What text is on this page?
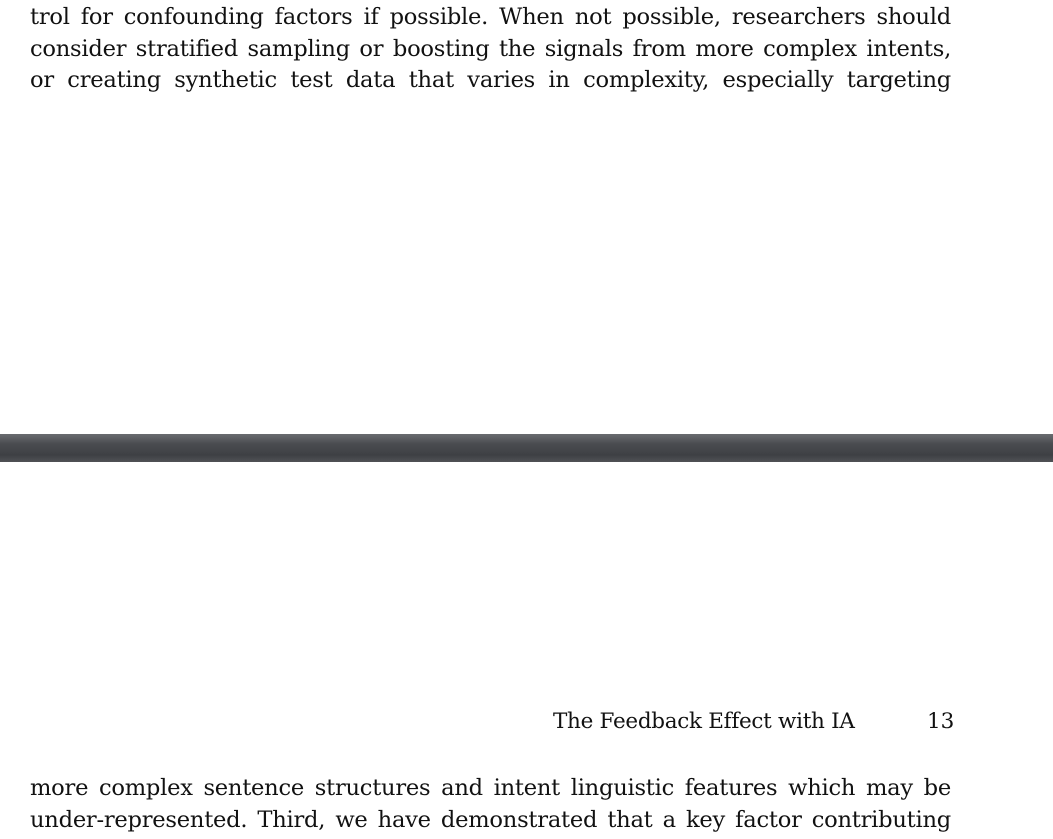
trol for confounding factors if possible. When not possible, researchers should
consider stratified sampling or boosting the signals from more complex intents,
or creating synthetic test data that varies in complexity, especially targeting
The Feedback Effect with IA	13
more complex sentence structures and intent linguistic features which may be
under-represented. Third, we have demonstrated that a key factor contributing
